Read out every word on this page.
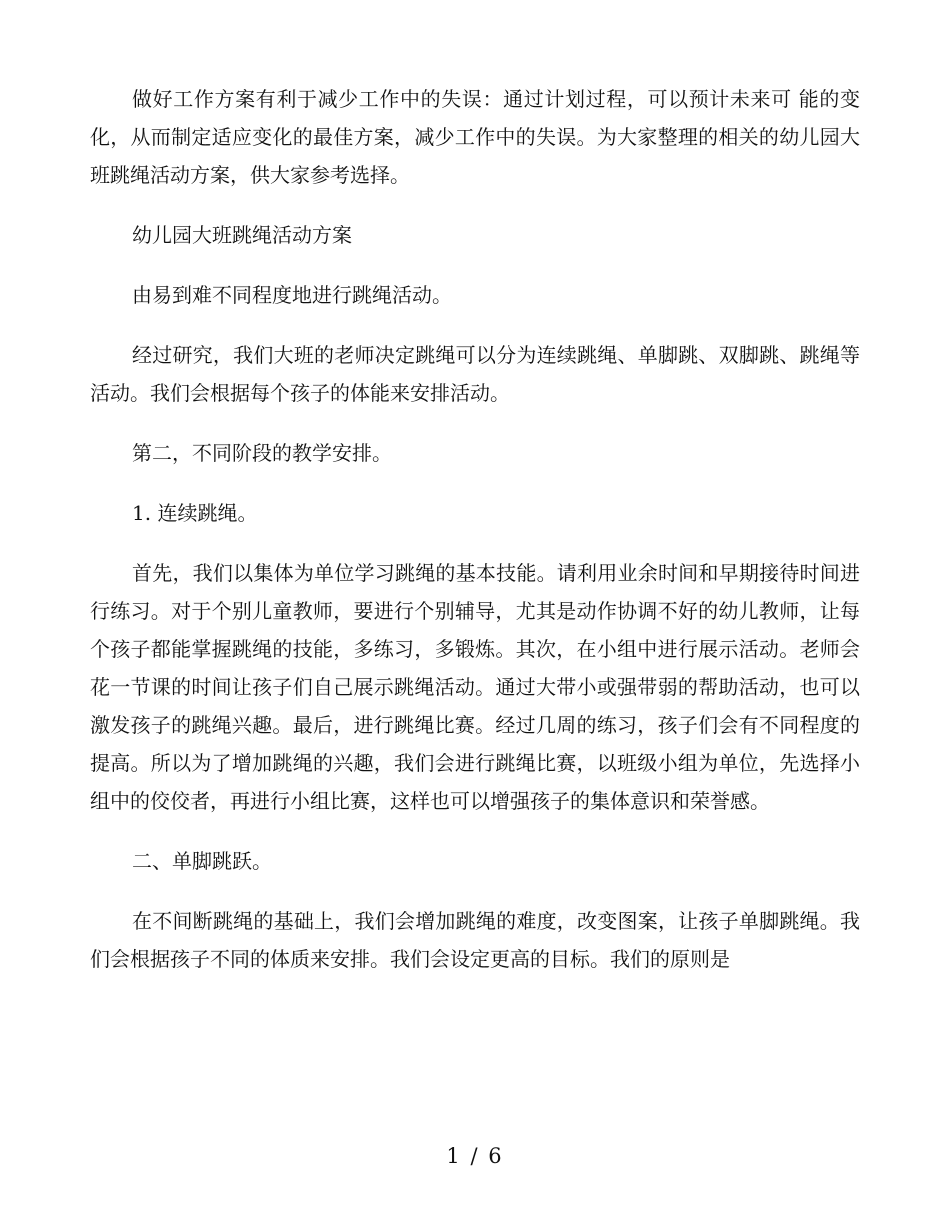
做好工作方案有利于减少工作中的失误：通过计划过程，可以预计未来可 能的变化，从而制定适应变化的最佳方案，减少工作中的失误。为大家整理的相关的幼儿园大班跳绳活动方案，供大家参考选择。

幼儿园大班跳绳活动方案

由易到难不同程度地进行跳绳活动。

经过研究，我们大班的老师决定跳绳可以分为连续跳绳、单脚跳、双脚跳、跳绳等活动。我们会根据每个孩子的体能来安排活动。

第二，不同阶段的教学安排。

1. 连续跳绳。

首先，我们以集体为单位学习跳绳的基本技能。请利用业余时间和早期接待时间进行练习。对于个别儿童教师，要进行个别辅导，尤其是动作协调不好的幼儿教师，让每个孩子都能掌握跳绳的技能，多练习，多锻炼。其次，在小组中进行展示活动。老师会花一节课的时间让孩子们自己展示跳绳活动。通过大带小或强带弱的帮助活动，也可以激发孩子的跳绳兴趣。最后，进行跳绳比赛。经过几周的练习，孩子们会有不同程度的提高。所以为了增加跳绳的兴趣，我们会进行跳绳比赛，以班级小组为单位，先选择小组中的佼佼者，再进行小组比赛，这样也可以增强孩子的集体意识和荣誉感。

二、单脚跳跃。

在不间断跳绳的基础上，我们会增加跳绳的难度，改变图案，让孩子单脚跳绳。我们会根据孩子不同的体质来安排。我们会设定更高的目标。我们的原则是

1 / 6
